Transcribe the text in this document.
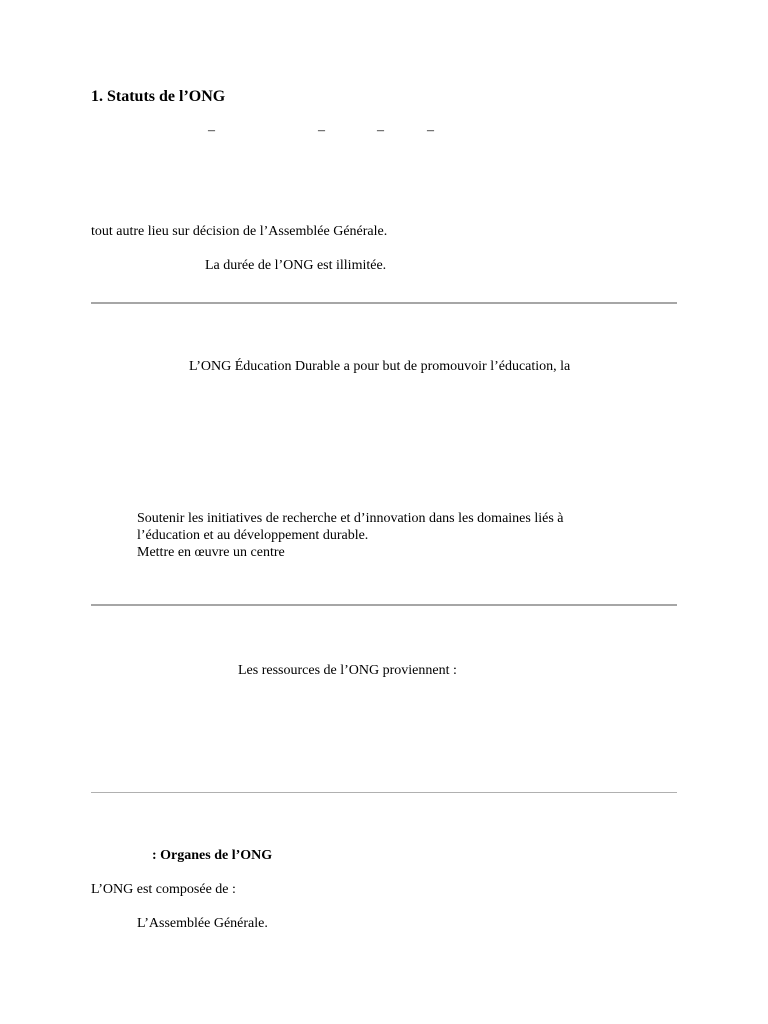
1. Statuts de l’ONG
–	–	–	–
tout autre lieu sur décision de l’Assemblée Générale.
La durée de l’ONG est illimitée.
L’ONG Éducation Durable a pour but de promouvoir l’éducation, la
Soutenir les initiatives de recherche et d’innovation dans les domaines liés à
l’éducation et au développement durable.
Mettre en œuvre un centre
Les ressources de l’ONG proviennent :
: Organes de l’ONG
L’ONG est composée de :
L’Assemblée Générale.
